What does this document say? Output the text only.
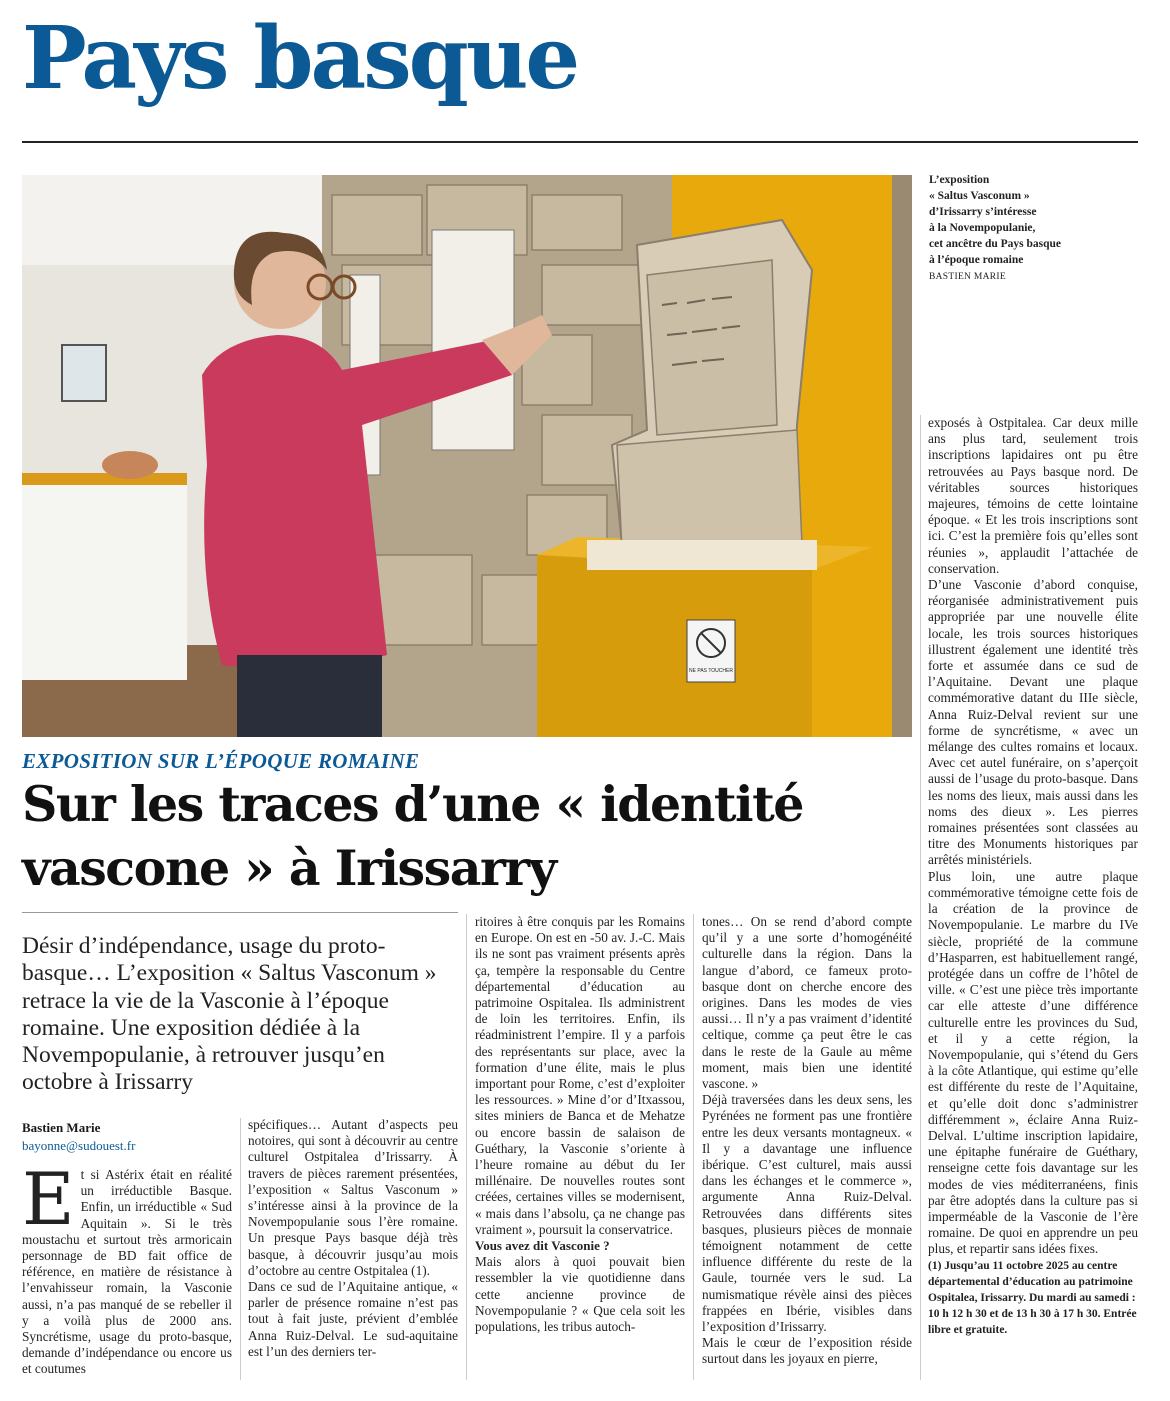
Pays basque
NE PAS TOUCHER
L’exposition
« Saltus Vasconum »
d’Irissarry s’intéresse
à la Novempopulanie,
cet ancêtre du Pays basque
à l’époque romaine
BASTIEN MARIE
EXPOSITION SUR L’ÉPOQUE ROMAINE
Sur les traces d’une « identité
vascone » à Irissarry
Désir d’indépendance, usage du proto-basque… L’exposition « Saltus Vasconum » retrace la vie de la Vasconie à l’époque romaine. Une exposition dédiée à la Novempopulanie, à retrouver jusqu’en octobre à Irissarry
Bastien Marie
bayonne@sudouest.fr
E t si Astérix était en réalité un irréductible Basque. Enfin, un irréductible « Sud Aquitain ». Si le très moustachu et surtout très armoricain personnage de BD fait office de référence, en matière de résistance à l’envahisseur romain, la Vasconie aussi, n’a pas manqué de se rebeller il y a voilà plus de 2000 ans. Syncrétisme, usage du proto-basque, demande d’indépendance ou encore us et coutumes

spécifiques… Autant d’aspects peu notoires, qui sont à découvrir au centre culturel Ostpitalea d’Irissarry. À travers de pièces rarement présentées, l’exposition « Saltus Vasconum » s’intéresse ainsi à la province de la Novempopulanie sous l’ère romaine. Un presque Pays basque déjà très basque, à découvrir jusqu’au mois d’octobre au centre Ostpitalea (1).

Dans ce sud de l’Aquitaine antique, « parler de présence romaine n’est pas tout à fait juste, prévient d’emblée Anna Ruiz-Delval. Le sud-aquitaine est l’un des derniers ter-

ritoires à être conquis par les Romains en Europe. On est en -50 av. J.-C. Mais ils ne sont pas vraiment présents après ça, tempère la responsable du Centre départemental d’éducation au patrimoine Ospitalea. Ils administrent de loin les territoires. Enfin, ils réadministrent l’empire. Il y a parfois des représentants sur place, avec la formation d’une élite, mais le plus important pour Rome, c’est d’exploiter les ressources. » Mine d’or d’Itxassou, sites miniers de Banca et de Mehatze ou encore bassin de salaison de Guéthary, la Vasconie s’oriente à l’heure romaine au début du Ier millénaire. De nouvelles routes sont créées, certaines villes se modernisent, « mais dans l’absolu, ça ne change pas vraiment », poursuit la conservatrice.

Vous avez dit Vasconie ?

Mais alors à quoi pouvait bien ressembler la vie quotidienne dans cette ancienne province de Novempopulanie ? « Que cela soit les populations, les tribus autoch-

tones… On se rend d’abord compte qu’il y a une sorte d’homogénéité culturelle dans la région. Dans la langue d’abord, ce fameux proto-basque dont on cherche encore des origines. Dans les modes de vies aussi… Il n’y a pas vraiment d’identité celtique, comme ça peut être le cas dans le reste de la Gaule au même moment, mais bien une identité vascone. »

Déjà traversées dans les deux sens, les Pyrénées ne forment pas une frontière entre les deux versants montagneux. « Il y a davantage une influence ibérique. C’est culturel, mais aussi dans les échanges et le commerce », argumente Anna Ruiz-Delval. Retrouvées dans différents sites basques, plusieurs pièces de monnaie témoignent notamment de cette influence différente du reste de la Gaule, tournée vers le sud. La numismatique révèle ainsi des pièces frappées en Ibérie, visibles dans l’exposition d’Irissarry.

Mais le cœur de l’exposition réside surtout dans les joyaux en pierre,

exposés à Ostpitalea. Car deux mille ans plus tard, seulement trois inscriptions lapidaires ont pu être retrouvées au Pays basque nord. De véritables sources historiques majeures, témoins de cette lointaine époque. « Et les trois inscriptions sont ici. C’est la première fois qu’elles sont réunies », applaudit l’attachée de conservation.

D’une Vasconie d’abord conquise, réorganisée administrativement puis appropriée par une nouvelle élite locale, les trois sources historiques illustrent également une identité très forte et assumée dans ce sud de l’Aquitaine. Devant une plaque commémorative datant du IIIe siècle, Anna Ruiz-Delval revient sur une forme de syncrétisme, « avec un mélange des cultes romains et locaux. Avec cet autel funéraire, on s’aperçoit aussi de l’usage du proto-basque. Dans les noms des lieux, mais aussi dans les noms des dieux ». Les pierres romaines présentées sont classées au titre des Monuments historiques par arrêtés ministériels.

Plus loin, une autre plaque commémorative témoigne cette fois de la création de la province de Novempopulanie. Le marbre du IVe siècle, propriété de la commune d’Hasparren, est habituellement rangé, protégée dans un coffre de l’hôtel de ville. « C’est une pièce très importante car elle atteste d’une différence culturelle entre les provinces du Sud, et il y a cette région, la Novempopulanie, qui s’étend du Gers à la côte Atlantique, qui estime qu’elle est différente du reste de l’Aquitaine, et qu’elle doit donc s’administrer différemment », éclaire Anna Ruiz-Delval. L’ultime inscription lapidaire, une épitaphe funéraire de Guéthary, renseigne cette fois davantage sur les modes de vies méditerranéens, finis par être adoptés dans la culture pas si imperméable de la Vasconie de l’ère romaine. De quoi en apprendre un peu plus, et repartir sans idées fixes.

(1) Jusqu’au 11 octobre 2025 au centre départemental d’éducation au patrimoine Ospitalea, Irissarry. Du mardi au samedi : 10 h 12 h 30 et de 13 h 30 à 17 h 30. Entrée libre et gratuite.
